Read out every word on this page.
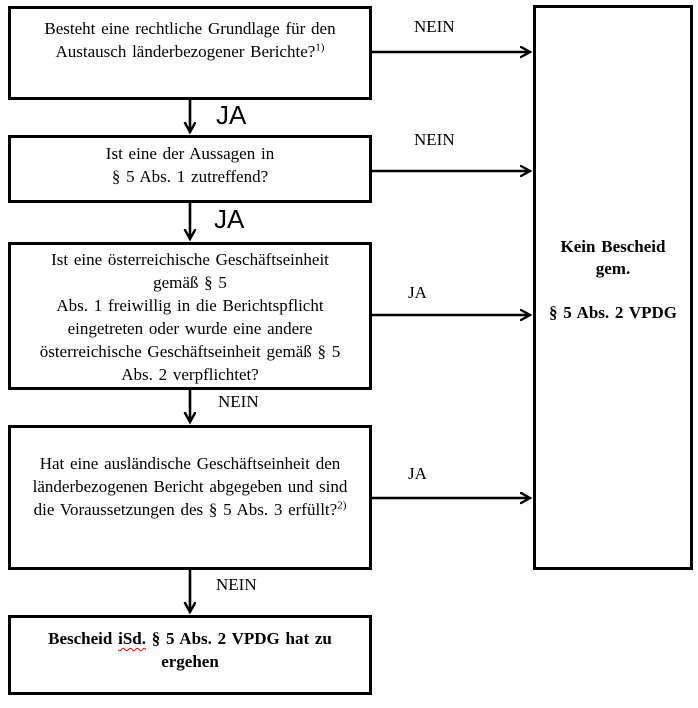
Besteht eine rechtliche Grundlage für den
Austausch länderbezogener Berichte?$^{1)}$
Ist eine der Aussagen in
§ 5 Abs. 1 zutreffend?
Ist eine österreichische Geschäftseinheit
gemäß § 5
Abs. 1 freiwillig in die Berichtspflicht
eingetreten oder wurde eine andere
österreichische Geschäftseinheit gemäß § 5
Abs. 2 verpflichtet?
Hat eine ausländische Geschäftseinheit den
länderbezogenen Bericht abgegeben und sind
die Voraussetzungen des § 5 Abs. 3 erfüllt?$^{2)}$
Bescheid iSd. § 5 Abs. 2 VPDG hat zu
ergehen
Kein Bescheid
gem.
§ 5 Abs. 2 VPDG
JA
JA
NEIN
NEIN
NEIN
NEIN
JA
JA
